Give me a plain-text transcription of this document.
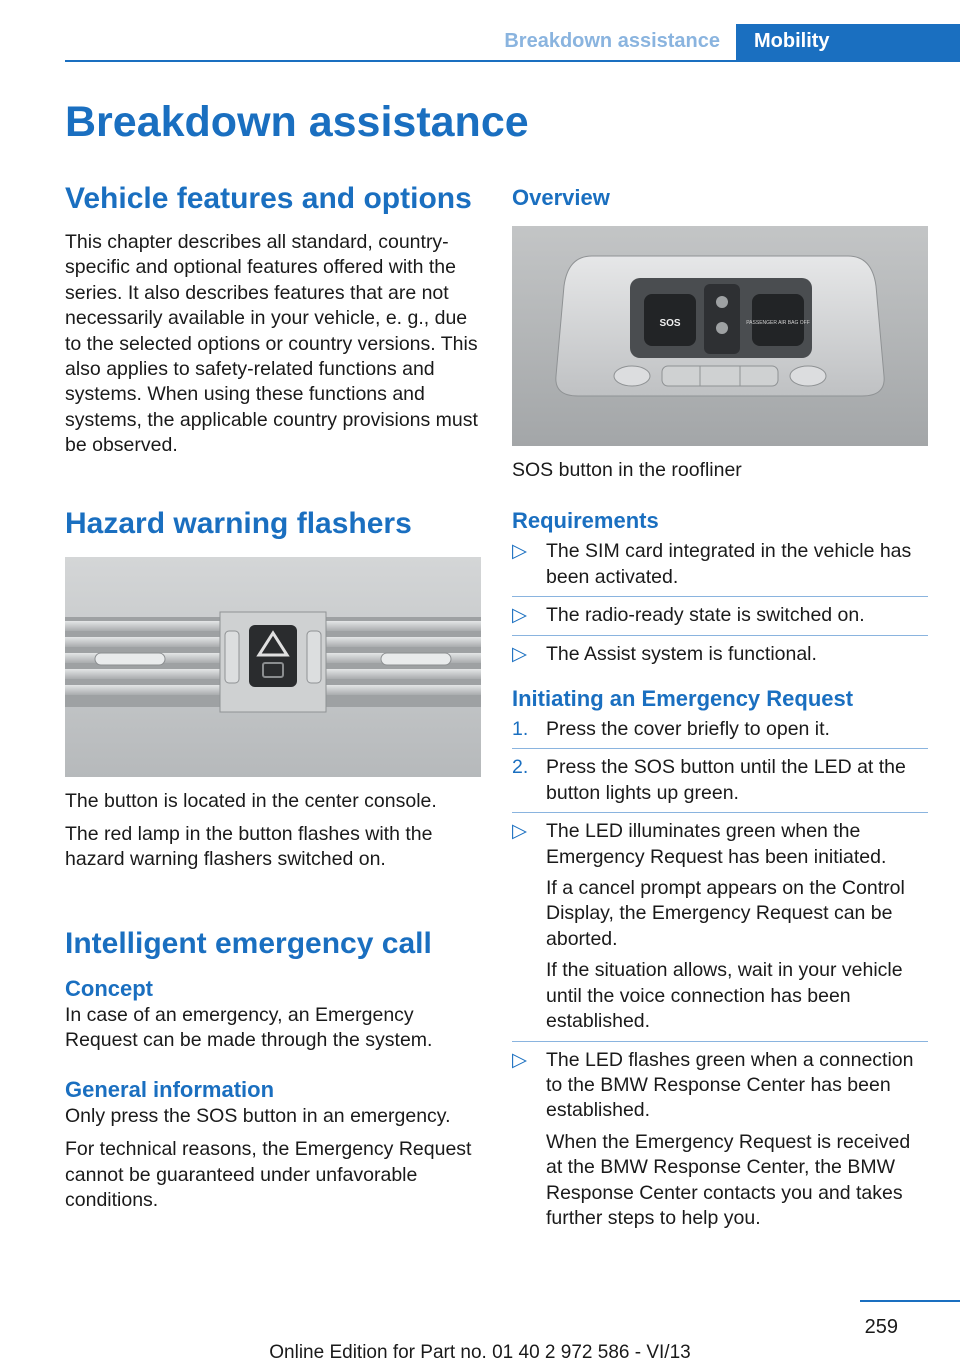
Breakdown assistance	Mobility
Breakdown assistance
Vehicle features and options
This chapter describes all standard, country-specific and optional features offered with the series. It also describes features that are not necessarily available in your vehicle, e. g., due to the selected options or country versions. This also applies to safety-related functions and systems. When using these functions and systems, the applicable country provisions must be observed.
Hazard warning flashers
The button is located in the center console.
The red lamp in the button flashes with the hazard warning flashers switched on.
Intelligent emergency call
Concept
In case of an emergency, an Emergency Request can be made through the system.
General information
Only press the SOS button in an emergency.
For technical reasons, the Emergency Request cannot be guaranteed under unfavorable conditions.
Overview
SOS	PASSENGER AIR BAG OFF
SOS button in the roofliner
Requirements
▷ The SIM card integrated in the vehicle has been activated.
▷ The radio-ready state is switched on.
▷ The Assist system is functional.
Initiating an Emergency Request
1. Press the cover briefly to open it.
2. Press the SOS button until the LED at the button lights up green.
▷ The LED illuminates green when the Emergency Request has been initiated.
If a cancel prompt appears on the Control Display, the Emergency Request can be aborted.
If the situation allows, wait in your vehicle until the voice connection has been established.
▷ The LED flashes green when a connection to the BMW Response Center has been established.
When the Emergency Request is received at the BMW Response Center, the BMW Response Center contacts you and takes further steps to help you.
259
Online Edition for Part no. 01 40 2 972 586 - VI/13
